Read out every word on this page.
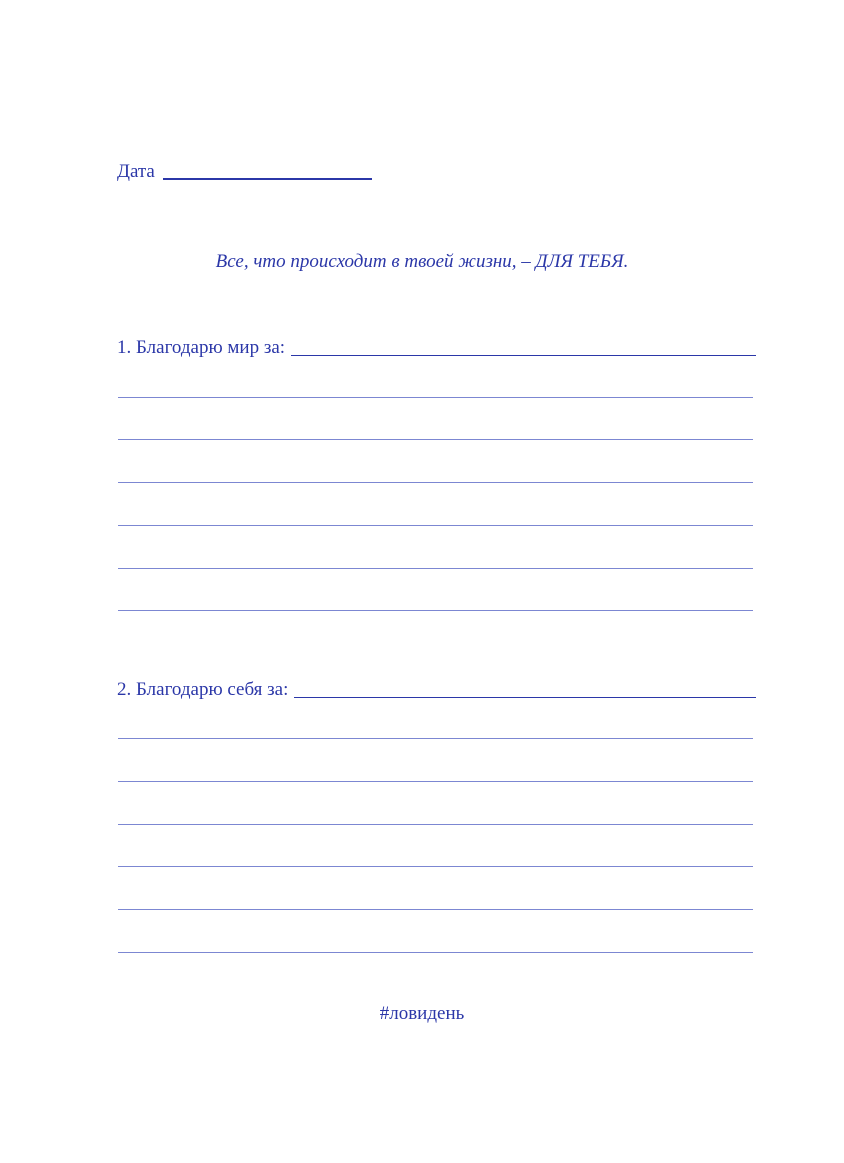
Дата
Все, что происходит в твоей жизни, – ДЛЯ ТЕБЯ.
1. Благодарю мир за:
2. Благодарю себя за:
#ловидень
